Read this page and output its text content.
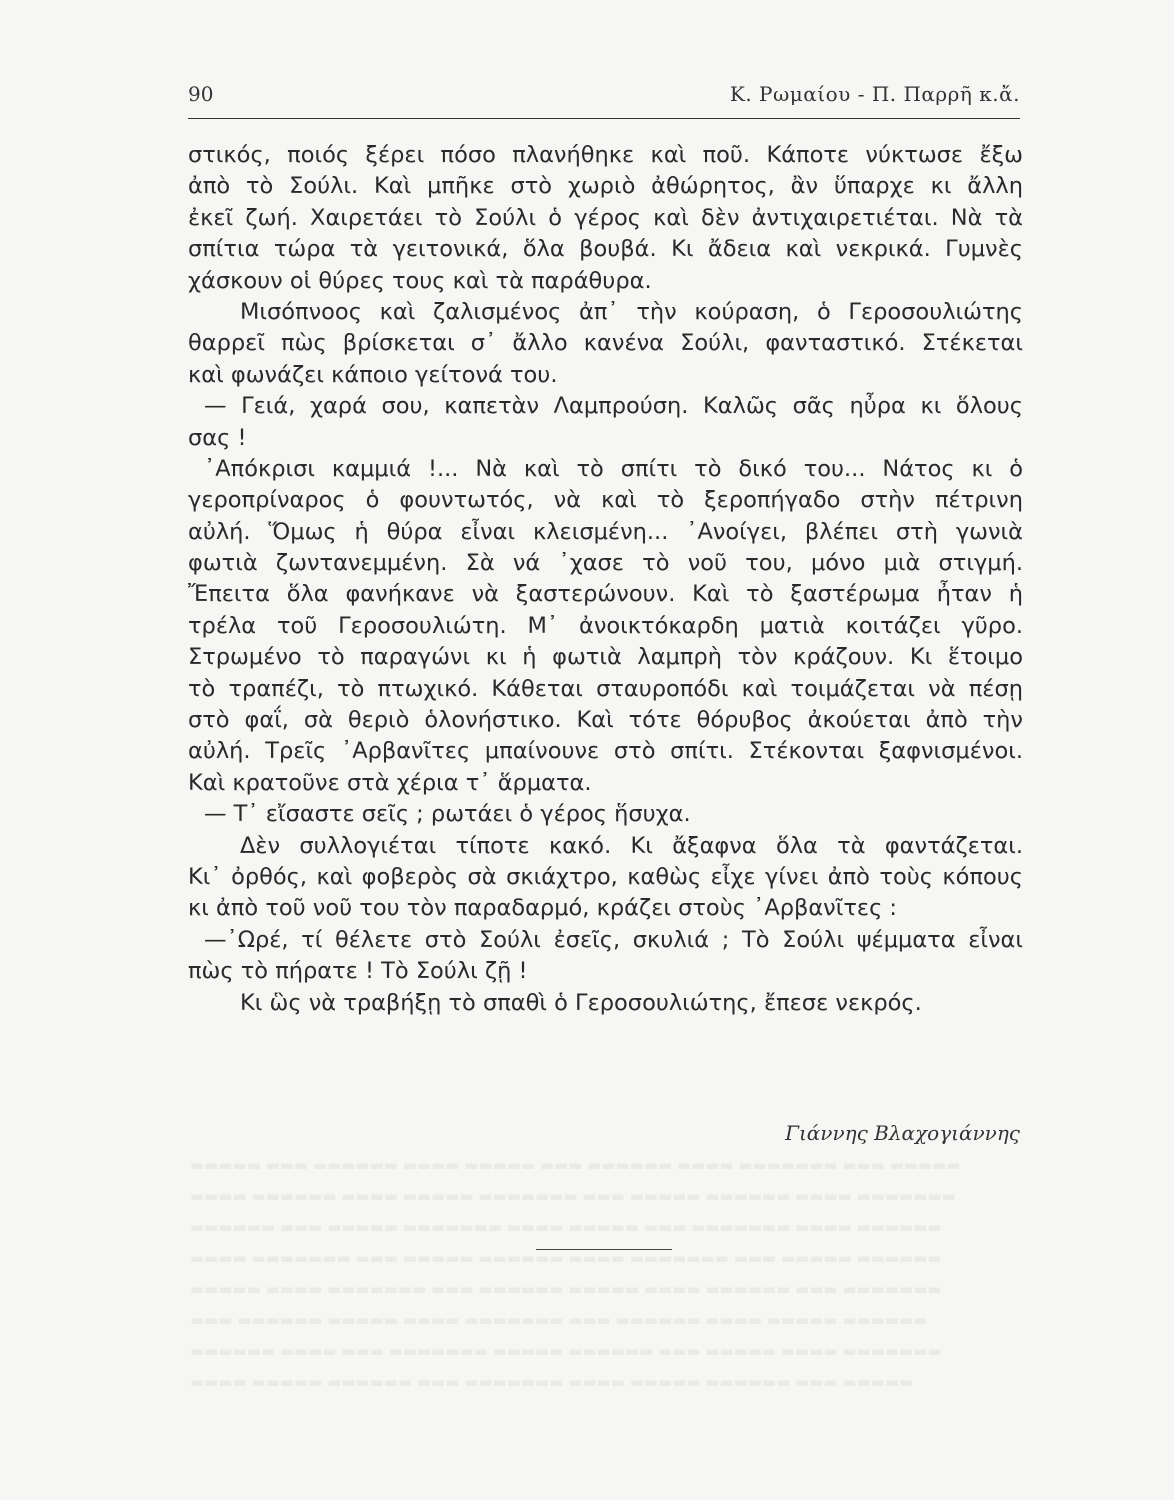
90	Κ. Ρωμαίου - Π. Παρρῆ κ.ἄ.
στικός, ποιός ξέρει πόσο πλανήθηκε καὶ ποῦ. Κάποτε νύκτωσε ἔξω
ἀπὸ τὸ Σούλι. Καὶ μπῆκε στὸ χωριὸ ἀθώρητος, ἂν ὕπαρχε κι ἄλλη
ἐκεῖ ζωή. Χαιρετάει τὸ Σούλι ὁ γέρος καὶ δὲν ἀντιχαιρετιέται. Νὰ τὰ
σπίτια τώρα τὰ γειτονικά, ὅλα βουβά. Κι ἄδεια καὶ νεκρικά. Γυμνὲς
χάσκουν οἱ θύρες τους καὶ τὰ παράθυρα.
Μισόπνοος καὶ ζαλισμένος ἀπ᾽ τὴν κούραση, ὁ Γεροσουλιώτης
θαρρεῖ πὼς βρίσκεται σ᾽ ἄλλο κανένα Σούλι, φανταστικό. Στέκεται
καὶ φωνάζει κάποιο γείτονά του.
— Γειά, χαρά σου, καπετὰν Λαμπρούση. Καλῶς σᾶς ηὖρα κι ὅλους
σας !
᾿Απόκρισι καμμιά !... Νὰ καὶ τὸ σπίτι τὸ δικό του... Νάτος κι ὁ
γεροπρίναρος ὁ φουντωτός, νὰ καὶ τὸ ξεροπήγαδο στὴν πέτρινη
αὐλή. Ὅμως ἡ θύρα εἶναι κλεισμένη... ᾿Ανοίγει, βλέπει στὴ γωνιὰ
φωτιὰ ζωντανεμμένη. Σὰ νά ᾽χασε τὸ νοῦ του, μόνο μιὰ στιγμή.
Ἔπειτα ὅλα φανήκανε νὰ ξαστερώνουν. Καὶ τὸ ξαστέρωμα ἦταν ἡ
τρέλα τοῦ Γεροσουλιώτη. Μ᾽ ἀνοικτόκαρδη ματιὰ κοιτάζει γῦρο.
Στρωμένο τὸ παραγώνι κι ἡ φωτιὰ λαμπρὴ τὸν κράζουν. Κι ἕτοιμο
τὸ τραπέζι, τὸ πτωχικό. Κάθεται σταυροπόδι καὶ τοιμάζεται νὰ πέσῃ
στὸ φαΐ, σὰ θεριὸ ὁλονήστικο. Καὶ τότε θόρυβος ἀκούεται ἀπὸ τὴν
αὐλή. Τρεῖς ᾿Αρβανῖτες μπαίνουνε στὸ σπίτι. Στέκονται ξαφνισμένοι.
Καὶ κρατοῦνε στὰ χέρια τ᾽ ἅρματα.
— Τ᾽ εἴσαστε σεῖς ; ρωτάει ὁ γέρος ἥσυχα.
Δὲν συλλογιέται τίποτε κακό. Κι ἄξαφνα ὅλα τὰ φαντάζεται.
Κι᾽ ὀρθός, καὶ φοβερὸς σὰ σκιάχτρο, καθὼς εἶχε γίνει ἀπὸ τοὺς κόπους
κι ἀπὸ τοῦ νοῦ του τὸν παραδαρμό, κράζει στοὺς ᾿Αρβανῖτες :
—᾿Ωρέ, τί θέλετε στὸ Σούλι ἐσεῖς, σκυλιά ; Τὸ Σούλι ψέμματα εἶναι
πὼς τὸ πήρατε ! Τὸ Σούλι ζῇ !
Κι ὣς νὰ τραβήξῃ τὸ σπαθὶ ὁ Γεροσουλιώτης, ἔπεσε νεκρός.
Γιάννης Βλαχογιάννης
